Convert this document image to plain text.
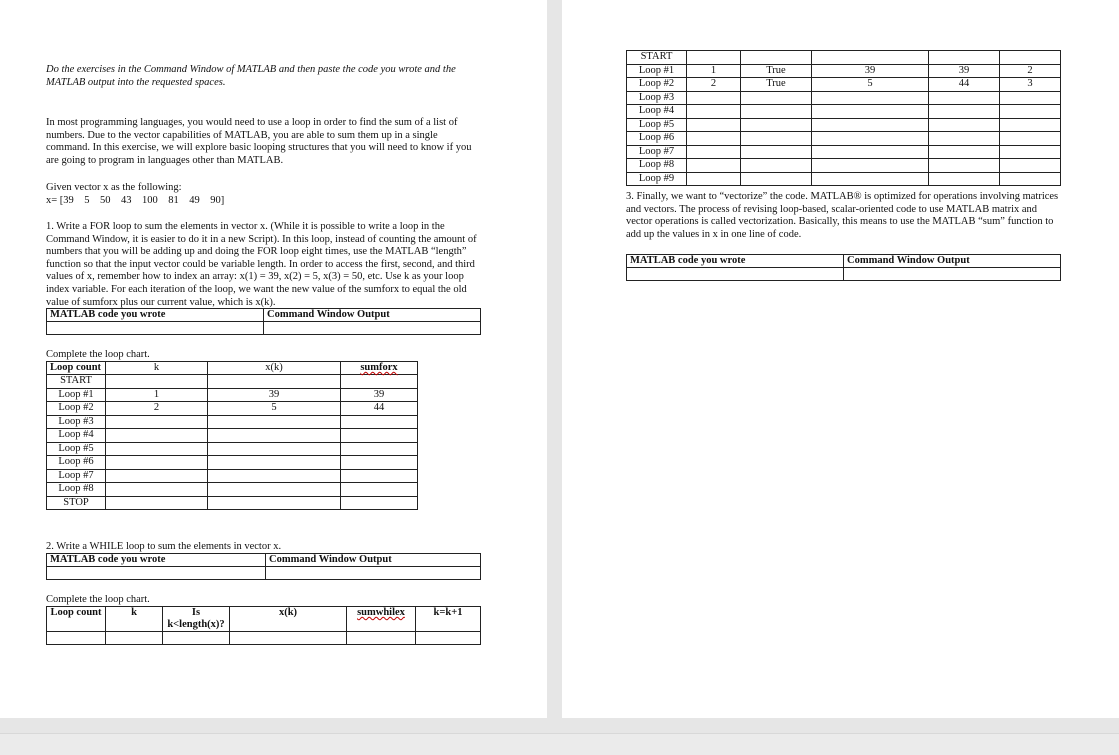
Do the exercises in the Command Window of MATLAB and then paste the code you wrote and the MATLAB output into the requested spaces.

In most programming languages, you would need to use a loop in order to find the sum of a list of numbers. Due to the vector capabilities of MATLAB, you are able to sum them up in a single command. In this exercise, we will explore basic looping structures that you will need to know if you are going to program in languages other than MATLAB.

Given vector x as the following:

x= [39    5    50    43    100    81    49    90]

1. Write a FOR loop to sum the elements in vector x. (While it is possible to write a loop in the Command Window, it is easier to do it in a new Script). In this loop, instead of counting the amount of numbers that you will be adding up and doing the FOR loop eight times, use the MATLAB “length” function so that the input vector could be variable length. In order to access the first, second, and third values of x, remember how to index an array: x(1) = 39, x(2) = 5, x(3) = 50, etc. Use k as your loop index variable. For each iteration of the loop, we want the new value of the sumforx to equal the old value of sumforx plus our current value, which is x(k).

MATLAB code you wrote	Command Window Output

Complete the loop chart.

Loop count	k	x(k)	sumforx
START			
Loop #1	1	39	39
Loop #2	2	5	44
Loop #3			
Loop #4			
Loop #5			
Loop #6			
Loop #7			
Loop #8			
STOP			

2. Write a WHILE loop to sum the elements in vector x.

MATLAB code you wrote	Command Window Output

Complete the loop chart.

Loop count	k	Is k<length(x)?	x(k)	sumwhilex	k=k+1

START					
Loop #1	1	True	39	39	2
Loop #2	2	True	5	44	3
Loop #3					
Loop #4					
Loop #5					
Loop #6					
Loop #7					
Loop #8					
Loop #9					

3. Finally, we want to “vectorize” the code. MATLAB® is optimized for operations involving matrices and vectors. The process of revising loop-based, scalar-oriented code to use MATLAB matrix and vector operations is called vectorization. Basically, this means to use the MATLAB “sum” function to add up the values in x in one line of code.

MATLAB code you wrote	Command Window Output
